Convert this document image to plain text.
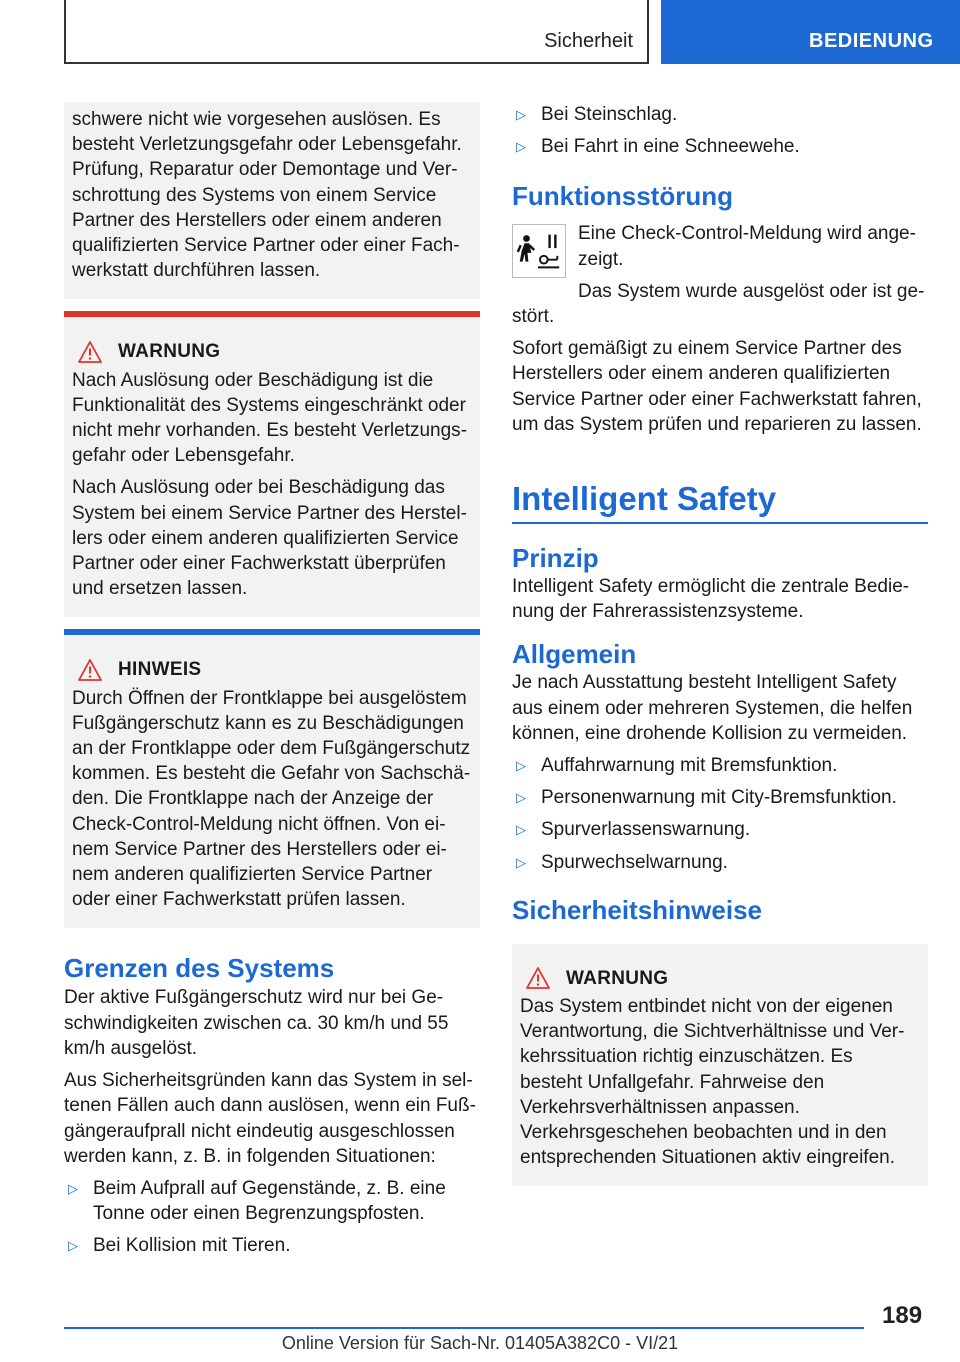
Sicherheit	BEDIENUNG
schwere nicht wie vorgesehen auslösen. Es besteht Verletzungsgefahr oder Lebensgefahr. Prüfung, Reparatur oder Demontage und Verschrottung des Systems von einem Service Partner des Herstellers oder einem anderen qualifizierten Service Partner oder einer Fachwerkstatt durchführen lassen.
WARNUNG
Nach Auslösung oder Beschädigung ist die Funktionalität des Systems eingeschränkt oder nicht mehr vorhanden. Es besteht Verletzungsgefahr oder Lebensgefahr.
Nach Auslösung oder bei Beschädigung das System bei einem Service Partner des Herstellers oder einem anderen qualifizierten Service Partner oder einer Fachwerkstatt überprüfen und ersetzen lassen.
HINWEIS
Durch Öffnen der Frontklappe bei ausgelöstem Fußgängerschutz kann es zu Beschädigungen an der Frontklappe oder dem Fußgängerschutz kommen. Es besteht die Gefahr von Sachschäden. Die Frontklappe nach der Anzeige der Check-Control-Meldung nicht öffnen. Von einem Service Partner des Herstellers oder einem anderen qualifizierten Service Partner oder einer Fachwerkstatt prüfen lassen.
Grenzen des Systems
Der aktive Fußgängerschutz wird nur bei Geschwindigkeiten zwischen ca. 30 km/h und 55 km/h ausgelöst.
Aus Sicherheitsgründen kann das System in seltenen Fällen auch dann auslösen, wenn ein Fußgängeraufprall nicht eindeutig ausgeschlossen werden kann, z. B. in folgenden Situationen:
▷ Beim Aufprall auf Gegenstände, z. B. eine Tonne oder einen Begrenzungspfosten.
▷ Bei Kollision mit Tieren.
▷ Bei Steinschlag.
▷ Bei Fahrt in eine Schneewehe.
Funktionsstörung
Eine Check-Control-Meldung wird angezeigt.
Das System wurde ausgelöst oder ist gestört.
Sofort gemäßigt zu einem Service Partner des Herstellers oder einem anderen qualifizierten Service Partner oder einer Fachwerkstatt fahren, um das System prüfen und reparieren zu lassen.
Intelligent Safety
Prinzip
Intelligent Safety ermöglicht die zentrale Bedienung der Fahrerassistenzsysteme.
Allgemein
Je nach Ausstattung besteht Intelligent Safety aus einem oder mehreren Systemen, die helfen können, eine drohende Kollision zu vermeiden.
▷ Auffahrwarnung mit Bremsfunktion.
▷ Personenwarnung mit City-Bremsfunktion.
▷ Spurverlassenswarnung.
▷ Spurwechselwarnung.
Sicherheitshinweise
WARNUNG
Das System entbindet nicht von der eigenen Verantwortung, die Sichtverhältnisse und Verkehrssituation richtig einzuschätzen. Es besteht Unfallgefahr. Fahrweise den Verkehrsverhältnissen anpassen. Verkehrsgeschehen beobachten und in den entsprechenden Situationen aktiv eingreifen.
189
Online Version für Sach-Nr. 01405A382C0 - VI/21
